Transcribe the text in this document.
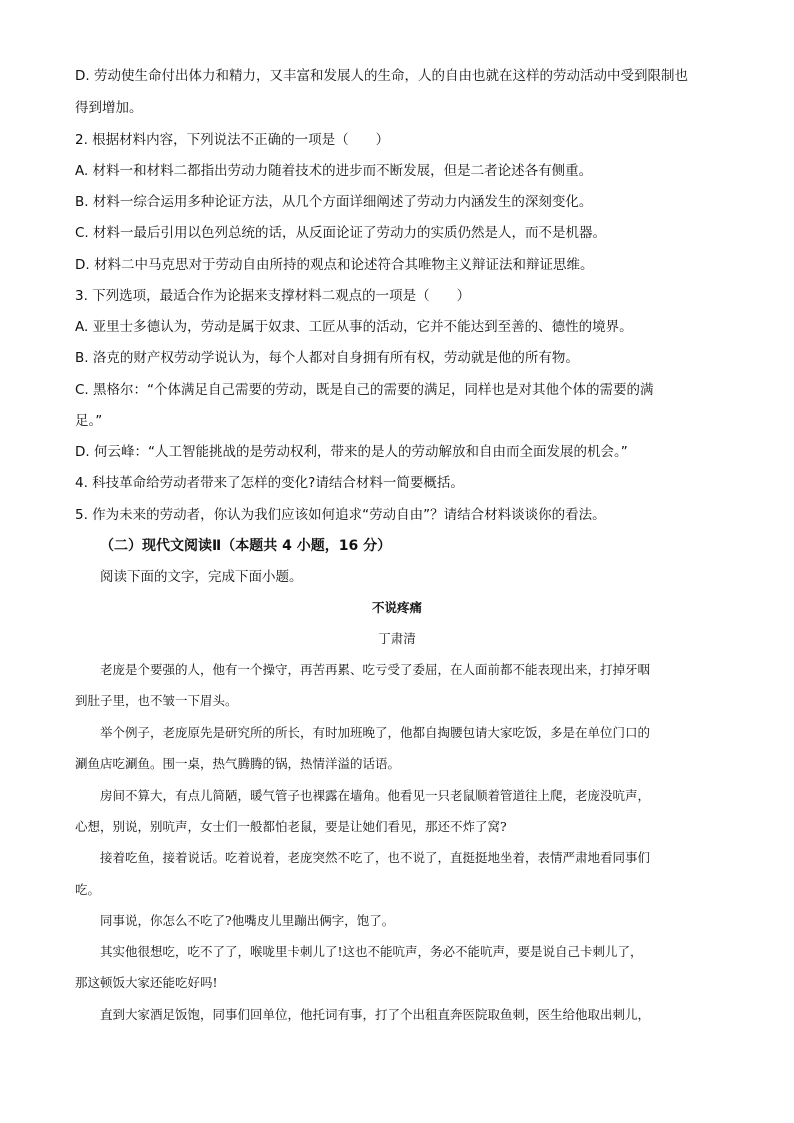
D. 劳动使生命付出体力和精力，又丰富和发展人的生命，人的自由也就在这样的劳动活动中受到限制也
得到增加。
2. 根据材料内容，下列说法不正确的一项是（　　）
A. 材料一和材料二都指出劳动力随着技术的进步而不断发展，但是二者论述各有侧重。
B. 材料一综合运用多种论证方法，从几个方面详细阐述了劳动力内涵发生的深刻变化。
C. 材料一最后引用以色列总统的话，从反面论证了劳动力的实质仍然是人，而不是机器。
D. 材料二中马克思对于劳动自由所持的观点和论述符合其唯物主义辩证法和辩证思维。
3. 下列选项，最适合作为论据来支撑材料二观点的一项是（　　）
A. 亚里士多德认为，劳动是属于奴隶、工匠从事的活动，它并不能达到至善的、德性的境界。
B. 洛克的财产权劳动学说认为，每个人都对自身拥有所有权，劳动就是他的所有物。
C. 黑格尔：“个体满足自己需要的劳动，既是自己的需要的满足，同样也是对其他个体的需要的满
足。”
D. 何云峰：“人工智能挑战的是劳动权利，带来的是人的劳动解放和自由而全面发展的机会。”
4. 科技革命给劳动者带来了怎样的变化?请结合材料一简要概括。
5. 作为未来的劳动者，你认为我们应该如何追求“劳动自由”？请结合材料谈谈你的看法。
（二）现代文阅读Ⅱ（本题共 4 小题，16 分）
阅读下面的文字，完成下面小题。
不说疼痛
丁肃清
老庞是个要强的人，他有一个操守，再苦再累、吃亏受了委屈，在人面前都不能表现出来，打掉牙咽
到肚子里，也不皱一下眉头。
举个例子，老庞原先是研究所的所长，有时加班晚了，他都自掏腰包请大家吃饭，多是在单位门口的
涮鱼店吃涮鱼。围一桌，热气腾腾的锅，热情洋溢的话语。
房间不算大，有点儿简陋，暖气管子也裸露在墙角。他看见一只老鼠顺着管道往上爬，老庞没吭声，
心想，别说，别吭声，女士们一般都怕老鼠，要是让她们看见，那还不炸了窝?
接着吃鱼，接着说话。吃着说着，老庞突然不吃了，也不说了，直挺挺地坐着，表情严肃地看同事们
吃。
同事说，你怎么不吃了?他嘴皮儿里蹦出俩字，饱了。
其实他很想吃，吃不了了，喉咙里卡刺儿了!这也不能吭声，务必不能吭声，要是说自己卡刺儿了，
那这顿饭大家还能吃好吗!
直到大家酒足饭饱，同事们回单位，他托词有事，打了个出租直奔医院取鱼刺，医生给他取出刺儿，
